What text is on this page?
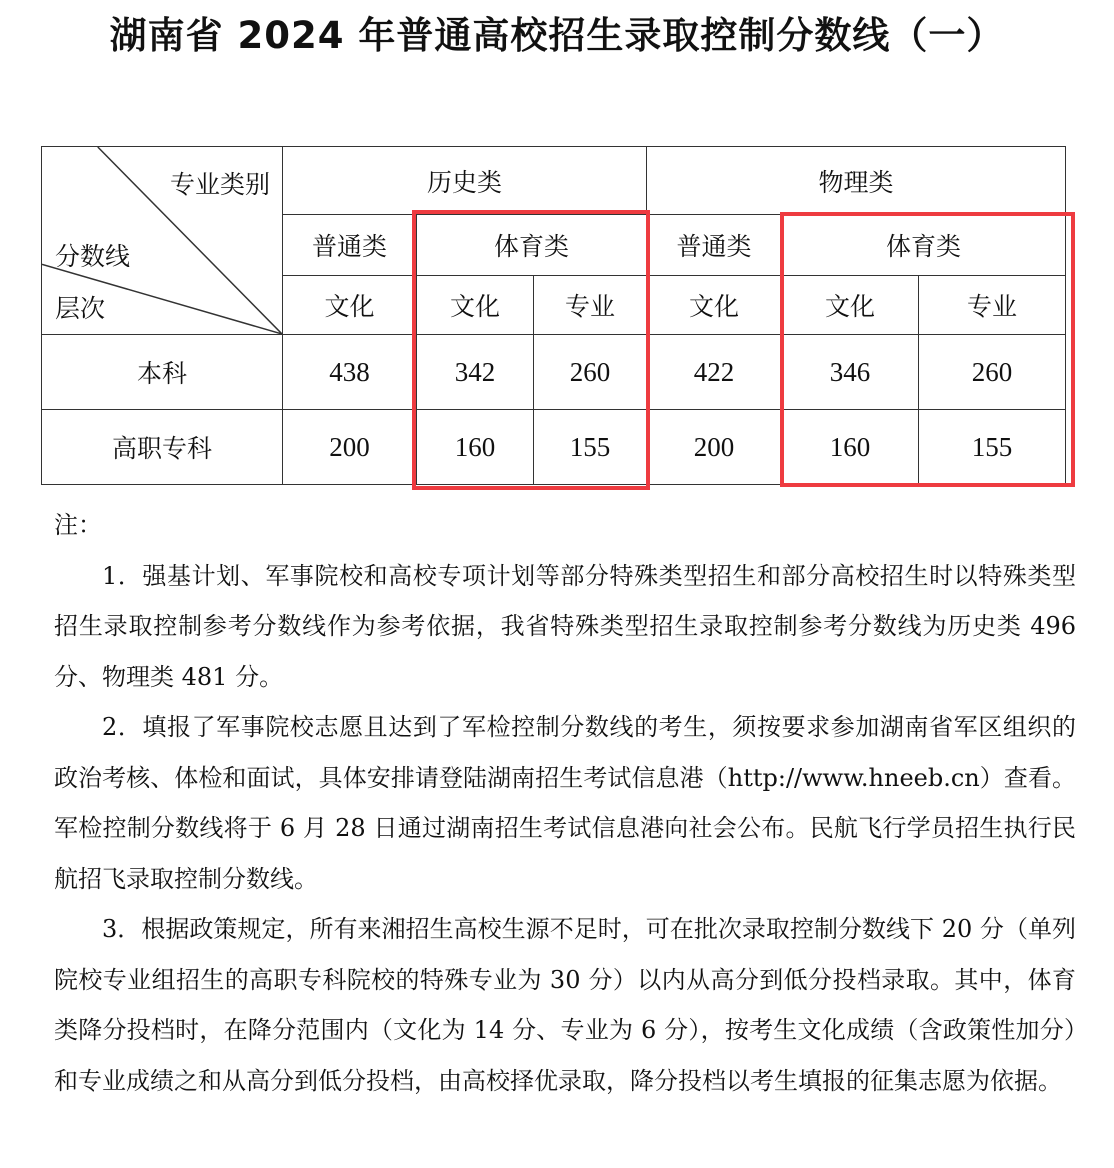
湖南省 2024 年普通高校招生录取控制分数线（一）
专业类别
分数线
层次	历史类			物理类		
	普通类	体育类		普通类	体育类	
	文化	文化	专业	文化	文化	专业
本科	438	342	260	422	346	260
高职专科	200	160	155	200	160	155

注：

1．强基计划、军事院校和高校专项计划等部分特殊类型招生和部分高校招生时以特殊类型招生录取控制参考分数线作为参考依据，我省特殊类型招生录取控制参考分数线为历史类 496 分、物理类 481 分。

2．填报了军事院校志愿且达到了军检控制分数线的考生，须按要求参加湖南省军区组织的政治考核、体检和面试，具体安排请登陆湖南招生考试信息港（http://www.hneeb.cn）查看。军检控制分数线将于 6 月 28 日通过湖南招生考试信息港向社会公布。民航飞行学员招生执行民航招飞录取控制分数线。

3．根据政策规定，所有来湘招生高校生源不足时，可在批次录取控制分数线下 20 分（单列院校专业组招生的高职专科院校的特殊专业为 30 分）以内从高分到低分投档录取。其中，体育类降分投档时，在降分范围内（文化为 14 分、专业为 6 分），按考生文化成绩（含政策性加分）和专业成绩之和从高分到低分投档，由高校择优录取，降分投档以考生填报的征集志愿为依据。
